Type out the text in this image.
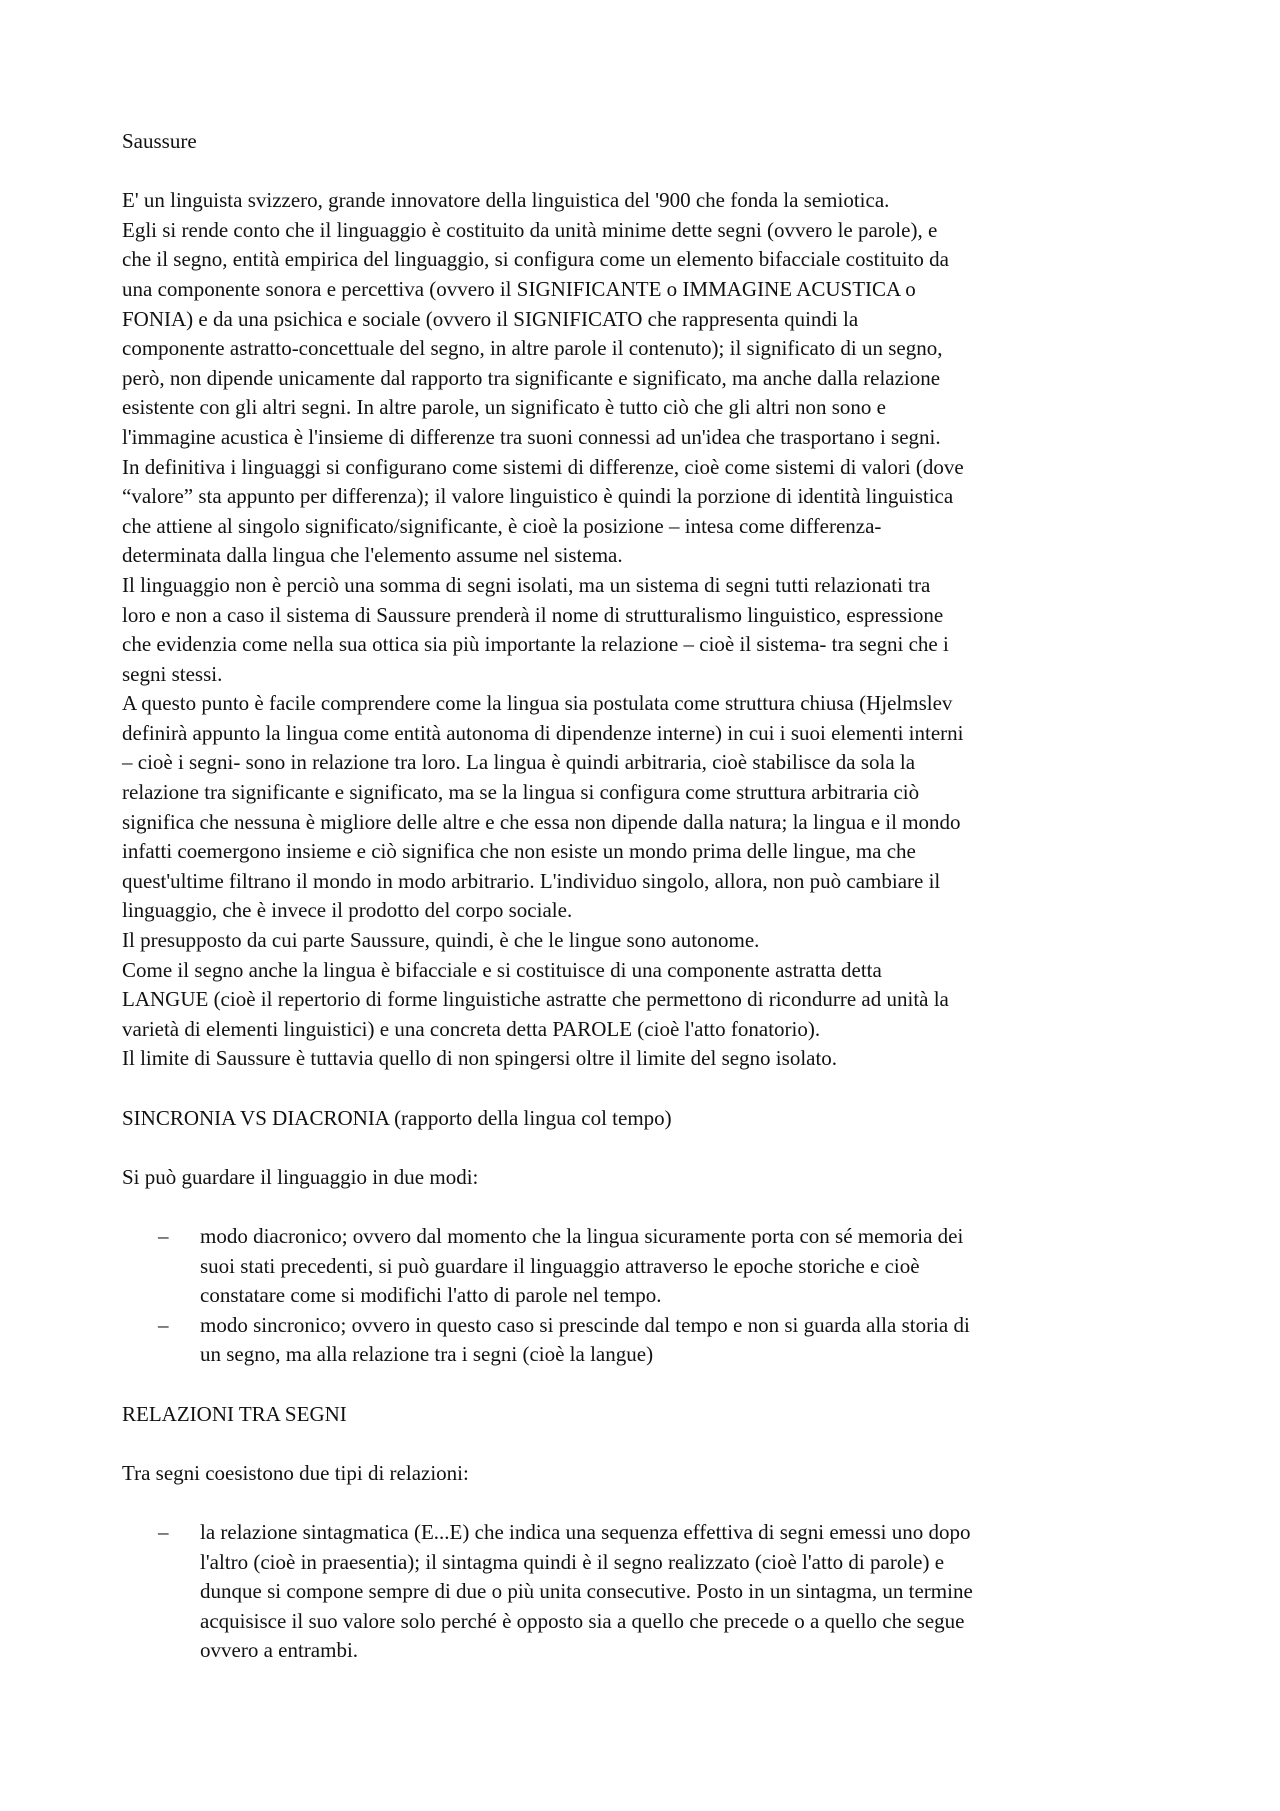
Saussure

E' un linguista svizzero, grande innovatore della linguistica del '900 che fonda la semiotica.

Egli si rende conto che il linguaggio è costituito da unità minime dette segni (ovvero le parole), e

che il segno, entità empirica del linguaggio, si configura come un elemento bifacciale costituito da

una componente sonora e percettiva (ovvero il SIGNIFICANTE o IMMAGINE ACUSTICA o

FONIA) e da una psichica e sociale (ovvero il SIGNIFICATO che rappresenta quindi la

componente astratto-concettuale del segno, in altre parole il contenuto); il significato di un segno,

però, non dipende unicamente dal rapporto tra significante e significato, ma anche dalla relazione

esistente con gli altri segni. In altre parole, un significato è tutto ciò che gli altri non sono e

l'immagine acustica è l'insieme di differenze tra suoni connessi ad un'idea che trasportano i segni.

In definitiva i linguaggi si configurano come sistemi di differenze, cioè come sistemi di valori (dove

“valore” sta appunto per differenza); il valore linguistico è quindi la porzione di identità linguistica

che attiene al singolo significato/significante, è cioè la posizione – intesa come differenza-

determinata dalla lingua che l'elemento assume nel sistema.

Il linguaggio non è perciò una somma di segni isolati, ma un sistema di segni tutti relazionati tra

loro e non a caso il sistema di Saussure prenderà il nome di strutturalismo linguistico, espressione

che evidenzia come nella sua ottica sia più importante la relazione – cioè il sistema- tra segni che i

segni stessi.

A questo punto è facile comprendere come la lingua sia postulata come struttura chiusa (Hjelmslev

definirà appunto la lingua come entità autonoma di dipendenze interne) in cui i suoi elementi interni

– cioè i segni- sono in relazione tra loro. La lingua è quindi arbitraria, cioè stabilisce da sola la

relazione tra significante e significato, ma se la lingua si configura come struttura arbitraria ciò

significa che nessuna è migliore delle altre e che essa non dipende dalla natura; la lingua e il mondo

infatti coemergono insieme e ciò significa che non esiste un mondo prima delle lingue, ma che

quest'ultime filtrano il mondo in modo arbitrario. L'individuo singolo, allora, non può cambiare il

linguaggio, che è invece il prodotto del corpo sociale.

Il presupposto da cui parte Saussure, quindi, è che le lingue sono autonome.

Come il segno anche la lingua è bifacciale e si costituisce di una componente astratta detta

LANGUE (cioè il repertorio di forme linguistiche astratte che permettono di ricondurre ad unità la

varietà di elementi linguistici) e una concreta detta PAROLE (cioè l'atto fonatorio).

Il limite di Saussure è tuttavia quello di non spingersi oltre il limite del segno isolato.

SINCRONIA VS DIACRONIA (rapporto della lingua col tempo)

Si può guardare il linguaggio in due modi:

– modo diacronico; ovvero dal momento che la lingua sicuramente porta con sé memoria dei

suoi stati precedenti, si può guardare il linguaggio attraverso le epoche storiche e cioè

constatare come si modifichi l'atto di parole nel tempo.

– modo sincronico; ovvero in questo caso si prescinde dal tempo e non si guarda alla storia di

un segno, ma alla relazione tra i segni (cioè la langue)

RELAZIONI TRA SEGNI

Tra segni coesistono due tipi di relazioni:

– la relazione sintagmatica (E...E) che indica una sequenza effettiva di segni emessi uno dopo

l'altro (cioè in praesentia); il sintagma quindi è il segno realizzato (cioè l'atto di parole) e

dunque si compone sempre di due o più unita consecutive. Posto in un sintagma, un termine

acquisisce il suo valore solo perché è opposto sia a quello che precede o a quello che segue

ovvero a entrambi.
